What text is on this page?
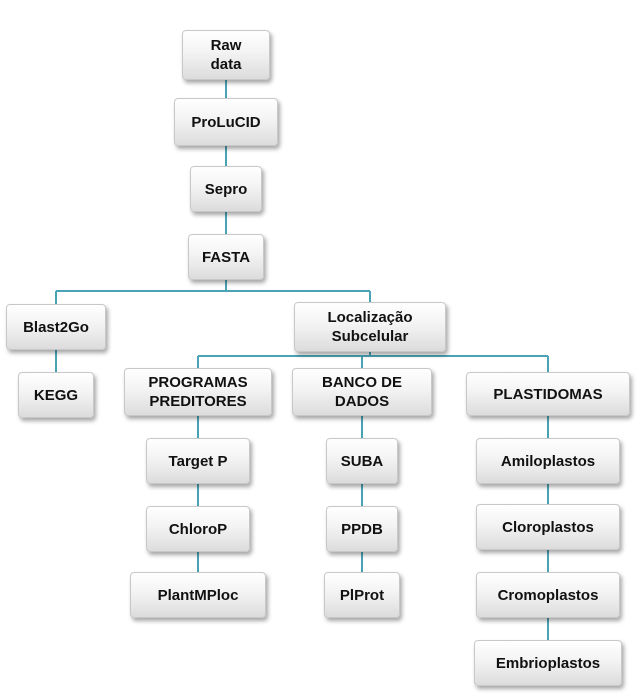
Raw
data
ProLuCID
Sepro
FASTA
Blast2Go
Localização
Subcelular
KEGG
PROGRAMAS
PREDITORES
BANCO DE
DADOS	PLASTIDOMAS
Target P
ChloroP
PlantMPloc
SUBA
PPDB
PlProt
Amiloplastos
Cloroplastos
Cromoplastos
Embrioplastos
